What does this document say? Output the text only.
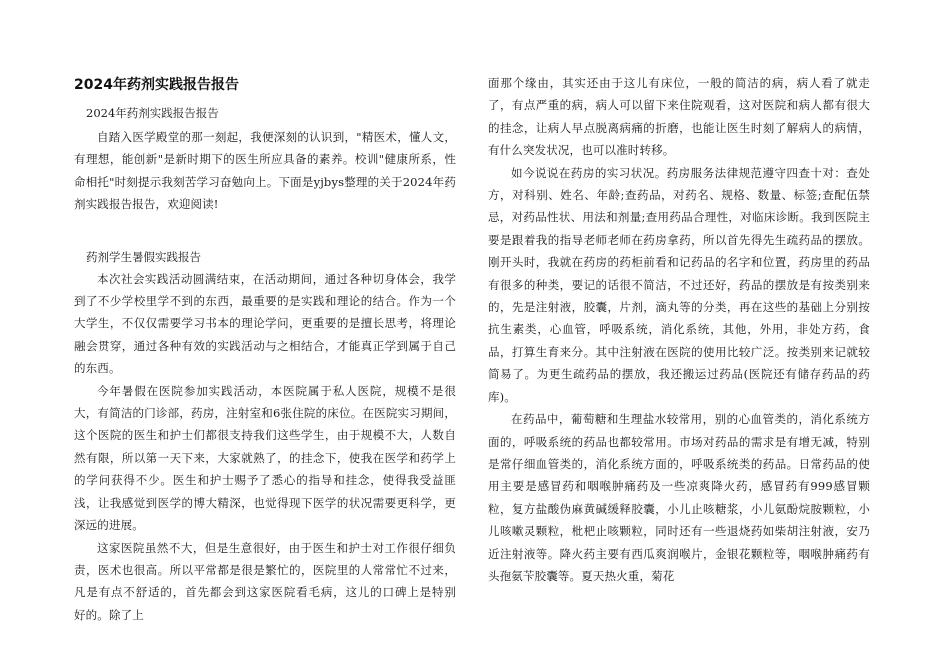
2024年药剂实践报告报告
2024年药剂实践报告报告

自踏入医学殿堂的那一刻起，我便深刻的认识到，"精医术，懂人文，有理想，能创新"是新时期下的医生所应具备的素养。校训"健康所系，性命相托"时刻提示我刻苦学习奋勉向上。下面是yjbys整理的关于2024年药剂实践报告报告，欢迎阅读!

药剂学生暑假实践报告

本次社会实践活动圆满结束，在活动期间，通过各种切身体会，我学到了不少学校里学不到的东西，最重要的是实践和理论的结合。作为一个大学生，不仅仅需要学习书本的理论学问，更重要的是擅长思考，将理论融会贯穿，通过各种有效的实践活动与之相结合，才能真正学到属于自己的东西。

今年暑假在医院参加实践活动，本医院属于私人医院，规模不是很大，有简洁的门诊部，药房，注射室和6张住院的床位。在医院实习期间，这个医院的医生和护士们都很支持我们这些学生，由于规模不大，人数自然有限，所以第一天下来，大家就熟了，的挂念下，使我在医学和药学上的学问获得不少。医生和护士赐予了悉心的指导和挂念，使得我受益匪浅，让我感觉到医学的博大精深，也觉得现下医学的状况需要更科学，更深远的进展。

这家医院虽然不大，但是生意很好，由于医生和护士对工作很仔细负责，医术也很高。所以平常都是很是繁忙的，医院里的人常常忙不过来，凡是有点不舒适的，首先都会到这家医院看毛病，这儿的口碑上是特别　　好的。除了上

面那个缘由，其实还由于这儿有床位，一般的简洁的病，病人看了就走了，有点严重的病，病人可以留下来住院观看，这对医院和病人都有很大的挂念，让病人早点脱离病痛的折磨，也能让医生时刻了解病人的病情，有什么突发状况，也可以准时转移。

如今说说在药房的实习状况。药房服务法律规范遵守四查十对：查处方，对科别、姓名、年龄;查药品，对药名、规格、数量、标签;查配伍禁忌，对药品性状、用法和剂量;查用药品合理性，对临床诊断。我到医院主要是跟着我的指导老师老师在药房拿药，所以首先得先生疏药品的摆放。刚开头时，我就在药房的药柜前看和记药品的名字和位置，药房里的药品有很多的种类，要记的话很不简洁，不过还好，药品的摆放是有按类别来的，先是注射液，胶囊，片剂，滴丸等的分类，再在这些的基础上分别按抗生素类，心血管，呼吸系统，消化系统，其他，外用，非处方药，食品，打算生育来分。其中注射液在医院的使用比较广泛。按类别来记就较简易了。为更生疏药品的摆放，我还搬运过药品(医院还有储存药品的药库)。

在药品中，葡萄糖和生理盐水较常用，别的心血管类的，消化系统方面的，呼吸系统的药品也都较常用。市场对药品的需求是有增无减，特别是常仔细血管类的，消化系统方面的，呼吸系统类的药品。日常药品的使用主要是感冒药和咽喉肿痛药及一些凉爽降火药，感冒药有999感冒颗粒，复方盐酸伪麻黄碱缓释胶囊，小儿止咳糖浆，小儿氨酚烷胺颗粒，小儿咳嗽灵颗粒，枇杷止咳颗粒，同时还有一些退烧药如柴胡注射液，安乃近注射液等。降火药主要有西瓜爽润喉片，金银花颗粒等，咽喉肿痛药有头孢氨苄胶囊等。夏天热火重，菊花
